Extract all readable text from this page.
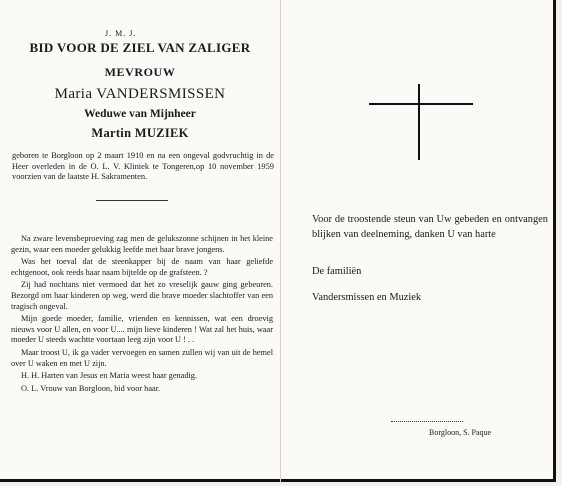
J. M. J.
BID VOOR DE ZIEL VAN ZALIGER
MEVROUW
Maria VANDERSMISSEN
Weduwe van Mijnheer
Martin MUZIEK
geboren te Borgloon op 2 maart 1910 en na een ongeval godvruchtig in de Heer overleden in de O. L. V. Kliniek te Tongeren,op 10 november 1959 voorzien van de laatste H. Sakramenten.

Na zware levensbeproeving zag men de gelukszonne schijnen in het kleine gezin, waar een moeder gelukkig leefde met haar brave jongens.

Was het toeval dat de steenkapper bij de naam van haar geliefde echtgenoot, ook reeds haar naam bijtelde op de grafsteen. ?

Zij had nochtans niet vermoed dat het zo vreselijk gauw ging gebeuren. Bezorgd om haar kinderen op weg, werd die brave moeder slachtoffer van een tragisch ongeval.

Mijn goede moeder, familie, vrienden en kennissen, wat een droevig nieuws voor U allen, en voor U.... mijn lieve kinderen ! Wat zal het huis, waar moeder U steeds wachtte voortaan leeg zijn voor U ! . .

Maar troost U, ik ga vader vervoegen en samen zullen wij van uit de hemel over U waken en met U zijn.

H. H. Harten van Jesus en Maria weest haar genadig.

O. L. Vrouw van Borgloon, bid voor haar.

Voor de troostende steun van Uw gebeden en ontvangen blijken van deelneming, danken U van harte
De familiën
Vandersmissen en Muziek
Borgloon, S. Paque
